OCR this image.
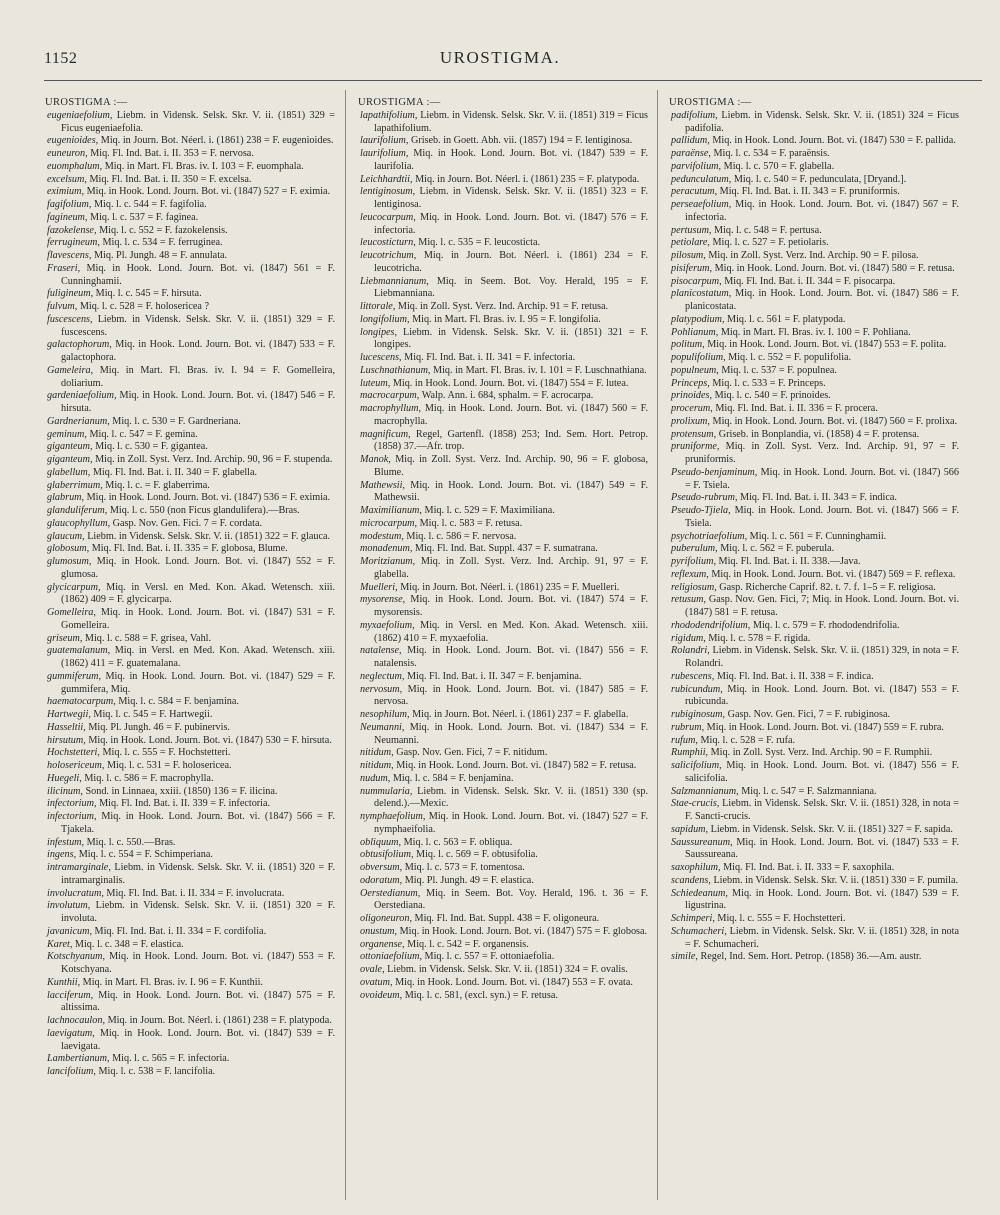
1152	UROSTIGMA.
UROSTIGMA :—
eugeniaefolium, Liebm. in Vidensk. Selsk. Skr. V. ii. (1851) 329 = Ficus eugeniaefolia.
eugenioides, Miq. in Journ. Bot. Néerl. i. (1861) 238 = F. eugenioides.
euneuron, Miq. Fl. Ind. Bat. i. II. 353 = F. nervosa.
euomphalum, Miq. in Mart. Fl. Bras. iv. I. 103 = F. euomphala.
excelsum, Miq. Fl. Ind. Bat. i. II. 350 = F. excelsa.
eximium, Miq. in Hook. Lond. Journ. Bot. vi. (1847) 527 = F. eximia.
fagifolium, Miq. l. c. 544 = F. fagifolia.
fagineum, Miq. l. c. 537 = F. faginea.
fazokelense, Miq. l. c. 552 = F. fazokelensis.
ferrugineum, Miq. l. c. 534 = F. ferruginea.
flavescens, Miq. Pl. Jungh. 48 = F. annulata.
Fraseri, Miq. in Hook. Lond. Journ. Bot. vi. (1847) 561 = F. Cunninghamii.
fuligineum, Miq. l. c. 545 = F. hirsuta.
fulvum, Miq. l. c. 528 = F. holosericea ?
fuscescens, Liebm. in Vidensk. Selsk. Skr. V. ii. (1851) 329 = F. fuscescens.
galactophorum, Miq. in Hook. Lond. Journ. Bot. vi. (1847) 533 = F. galactophora.
Gameleira, Miq. in Mart. Fl. Bras. iv. I. 94 = F. Gomelleira, doliarium.
gardeniaefolium, Miq. in Hook. Lond. Journ. Bot. vi. (1847) 546 = F. hirsuta.
Gardnerianum, Miq. l. c. 530 = F. Gardneriana.
geminum, Miq. l. c. 547 = F. gemina.
giganteum, Miq. l. c. 530 = F. gigantea.
giganteum, Miq. in Zoll. Syst. Verz. Ind. Archip. 90, 96 = F. stupenda.
glabellum, Miq. Fl. Ind. Bat. i. II. 340 = F. glabella.
glaberrimum, Miq. l. c. = F. glaberrima.
glabrum, Miq. in Hook. Lond. Journ. Bot. vi. (1847) 536 = F. eximia.
glanduliferum, Miq. l. c. 550 (non Ficus glandulifera).—Bras.
glaucophyllum, Gasp. Nov. Gen. Fici. 7 = F. cordata.
glaucum, Liebm. in Vidensk. Selsk. Skr. V. ii. (1851) 322 = F. glauca.
globosum, Miq. Fl. Ind. Bat. i. II. 335 = F. globosa, Blume.
glumosum, Miq. in Hook. Lond. Journ. Bot. vi. (1847) 552 = F. glumosa.
glycicarpum, Miq. in Versl. en Med. Kon. Akad. Wetensch. xiii. (1862) 409 = F. glycicarpa.
Gomelleira, Miq. in Hook. Lond. Journ. Bot. vi. (1847) 531 = F. Gomelleira.
griseum, Miq. l. c. 588 = F. grisea, Vahl.
guatemalanum, Miq. in Versl. en Med. Kon. Akad. Wetensch. xiii. (1862) 411 = F. guatemalana.
gummiferum, Miq. in Hook. Lond. Journ. Bot. vi. (1847) 529 = F. gummifera, Miq.
haematocarpum, Miq. l. c. 584 = F. benjamina.
Hartwegii, Miq. l. c. 545 = F. Hartwegii.
Hasseltii, Miq. Pl. Jungh. 46 = F. pubinervis.
hirsutum, Miq. in Hook. Lond. Journ. Bot. vi. (1847) 530 = F. hirsuta.
Hochstetteri, Miq. l. c. 555 = F. Hochstetteri.
holosericeum, Miq. l. c. 531 = F. holosericea.
Huegeli, Miq. l. c. 586 = F. macrophylla.
ilicinum, Sond. in Linnaea, xxiii. (1850) 136 = F. ilicina.
infectorium, Miq. Fl. Ind. Bat. i. II. 339 = F. infectoria.
infectorium, Miq. in Hook. Lond. Journ. Bot. vi. (1847) 566 = F. Tjakela.
infestum, Miq. l. c. 550.—Bras.
ingens, Miq. l. c. 554 = F. Schimperiana.
intramarginale, Liebm. in Vidensk. Selsk. Skr. V. ii. (1851) 320 = F. intramarginalis.
involucratum, Miq. Fl. Ind. Bat. i. II. 334 = F. involucrata.
involutum, Liebm. in Vidensk. Selsk. Skr. V. ii. (1851) 320 = F. involuta.
javanicum, Miq. Fl. Ind. Bat. i. II. 334 = F. cordifolia.
Karet, Miq. l. c. 348 = F. elastica.
Kotschyanum, Miq. in Hook. Lond. Journ. Bot. vi. (1847) 553 = F. Kotschyana.
Kunthii, Miq. in Mart. Fl. Bras. iv. I. 96 = F. Kunthii.
lacciferum, Miq. in Hook. Lond. Journ. Bot. vi. (1847) 575 = F. altissima.
lachnocaulon, Miq. in Journ. Bot. Néerl. i. (1861) 238 = F. platypoda.
laevigatum, Miq. in Hook. Lond. Journ. Bot. vi. (1847) 539 = F. laevigata.
Lambertianum, Miq. l. c. 565 = F. infectoria.
lancifolium, Miq. l. c. 538 = F. lancifolia.
UROSTIGMA :—
lapathifolium, Liebm. in Vidensk. Selsk. Skr. V. ii. (1851) 319 = Ficus lapathifolium.
laurifolium, Griseb. in Goett. Abh. vii. (1857) 194 = F. lentiginosa.
laurifolium, Miq. in Hook. Lond. Journ. Bot. vi. (1847) 539 = F. laurifolia.
Leichhardtii, Miq. in Journ. Bot. Néerl. i. (1861) 235 = F. platypoda.
lentiginosum, Liebm. in Vidensk. Selsk. Skr. V. ii. (1851) 323 = F. lentiginosa.
leucocarpum, Miq. in Hook. Lond. Journ. Bot. vi. (1847) 576 = F. infectoria.
leucosticturn, Miq. l. c. 535 = F. leucosticta.
leucotrichum, Miq. in Journ. Bot. Néerl. i. (1861) 234 = F. leucotricha.
Liebmannianum, Miq. in Seem. Bot. Voy. Herald, 195 = F. Liebmanniana.
littorale, Miq. in Zoll. Syst. Verz. Ind. Archip. 91 = F. retusa.
longifolium, Miq. in Mart. Fl. Bras. iv. I. 95 = F. longifolia.
longipes, Liebm. in Vidensk. Selsk. Skr. V. ii. (1851) 321 = F. longipes.
lucescens, Miq. Fl. Ind. Bat. i. II. 341 = F. infectoria.
Luschnathianum, Miq. in Mart. Fl. Bras. iv. I. 101 = F. Luschnathiana.
luteum, Miq. in Hook. Lond. Journ. Bot. vi. (1847) 554 = F. lutea.
macrocarpum, Walp. Ann. i. 684, sphalm. = F. acrocarpa.
macrophyllum, Miq. in Hook. Lond. Journ. Bot. vi. (1847) 560 = F. macrophylla.
magnificum, Regel, Gartenfl. (1858) 253; Ind. Sem. Hort. Petrop. (1858) 37.—Afr. trop.
Manok, Miq. in Zoll. Syst. Verz. Ind. Archip. 90, 96 = F. globosa, Blume.
Mathewsii, Miq. in Hook. Lond. Journ. Bot. vi. (1847) 549 = F. Mathewsii.
Maximilianum, Miq. l. c. 529 = F. Maximiliana.
microcarpum, Miq. l. c. 583 = F. retusa.
modestum, Miq. l. c. 586 = F. nervosa.
monadenum, Miq. Fl. Ind. Bat. Suppl. 437 = F. sumatrana.
Moritzianum, Miq. in Zoll. Syst. Verz. Ind. Archip. 91, 97 = F. glabella.
Muelleri, Miq. in Journ. Bot. Néerl. i. (1861) 235 = F. Muelleri.
mysorense, Miq. in Hook. Lond. Journ. Bot. vi. (1847) 574 = F. mysorensis.
myxaefolium, Miq. in Versl. en Med. Kon. Akad. Wetensch. xiii. (1862) 410 = F. myxaefolia.
natalense, Miq. in Hook. Lond. Journ. Bot. vi. (1847) 556 = F. natalensis.
neglectum, Miq. Fl. Ind. Bat. i. II. 347 = F. benjamina.
nervosum, Miq. in Hook. Lond. Journ. Bot. vi. (1847) 585 = F. nervosa.
nesophilum, Miq. in Journ. Bot. Néerl. i. (1861) 237 = F. glabella.
Neumanni, Miq. in Hook. Lond. Journ. Bot. vi. (1847) 534 = F. Neumanni.
nitidum, Gasp. Nov. Gen. Fici, 7 = F. nitidum.
nitidum, Miq. in Hook. Lond. Journ. Bot. vi. (1847) 582 = F. retusa.
nudum, Miq. l. c. 584 = F. benjamina.
nummularia, Liebm. in Vidensk. Selsk. Skr. V. ii. (1851) 330 (sp. delend.).—Mexic.
nymphaefolium, Miq. in Hook. Lond. Journ. Bot. vi. (1847) 527 = F. nymphaeifolia.
obliquum, Miq. l. c. 563 = F. obliqua.
obtusifolium, Miq. l. c. 569 = F. obtusifolia.
obversum, Miq. l. c. 573 = F. tomentosa.
odoratum, Miq. Pl. Jungh. 49 = F. elastica.
Oerstedianum, Miq. in Seem. Bot. Voy. Herald, 196. t. 36 = F. Oerstediana.
oligoneuron, Miq. Fl. Ind. Bat. Suppl. 438 = F. oligoneura.
onustum, Miq. in Hook. Lond. Journ. Bot. vi. (1847) 575 = F. globosa.
organense, Miq. l. c. 542 = F. organensis.
ottoniaefolium, Miq. l. c. 557 = F. ottoniaefolia.
ovale, Liebm. in Vidensk. Selsk. Skr. V. ii. (1851) 324 = F. ovalis.
ovatum, Miq. in Hook. Lond. Journ. Bot. vi. (1847) 553 = F. ovata.
ovoideum, Miq. l. c. 581, (excl. syn.) = F. retusa.
UROSTIGMA :—
padifolium, Liebm. in Vidensk. Selsk. Skr. V. ii. (1851) 324 = Ficus padifolia.
pallidum, Miq. in Hook. Lond. Journ. Bot. vi. (1847) 530 = F. pallida.
paraënse, Miq. l. c. 534 = F. paraënsis.
parvifolium, Miq. l. c. 570 = F. glabella.
pedunculatum, Miq. l. c. 540 = F. pedunculata, [Dryand.].
peracutum, Miq. Fl. Ind. Bat. i. II. 343 = F. pruniformis.
perseaefolium, Miq. in Hook. Lond. Journ. Bot. vi. (1847) 567 = F. infectoria.
pertusum, Miq. l. c. 548 = F. pertusa.
petiolare, Miq. l. c. 527 = F. petiolaris.
pilosum, Miq. in Zoll. Syst. Verz. Ind. Archip. 90 = F. pilosa.
pisiferum, Miq. in Hook. Lond. Journ. Bot. vi. (1847) 580 = F. retusa.
pisocarpum, Miq. Fl. Ind. Bat. i. II. 344 = F. pisocarpa.
planicostatum, Miq. in Hook. Lond. Journ. Bot. vi. (1847) 586 = F. planicostata.
platypodium, Miq. l. c. 561 = F. platypoda.
Pohlianum, Miq. in Mart. Fl. Bras. iv. I. 100 = F. Pohliana.
politum, Miq. in Hook. Lond. Journ. Bot. vi. (1847) 553 = F. polita.
populifolium, Miq. l. c. 552 = F. populifolia.
populneum, Miq. l. c. 537 = F. populnea.
Princeps, Miq. l. c. 533 = F. Princeps.
prinoides, Miq. l. c. 540 = F. prinoides.
procerum, Miq. Fl. Ind. Bat. i. II. 336 = F. procera.
prolixum, Miq. in Hook. Lond. Journ. Bot. vi. (1847) 560 = F. prolixa.
protensum, Griseb. in Bonplandia, vi. (1858) 4 = F. protensa.
pruniforme, Miq. in Zoll. Syst. Verz. Ind. Archip. 91, 97 = F. pruniformis.
Pseudo-benjaminum, Miq. in Hook. Lond. Journ. Bot. vi. (1847) 566 = F. Tsiela.
Pseudo-rubrum, Miq. Fl. Ind. Bat. i. II. 343 = F. indica.
Pseudo-Tjiela, Miq. in Hook. Lond. Journ. Bot. vi. (1847) 566 = F. Tsiela.
psychotriaefolium, Miq. l. c. 561 = F. Cunninghamii.
puberulum, Miq. l. c. 562 = F. puberula.
pyrifolium, Miq. Fl. Ind. Bat. i. II. 338.—Java.
reflexum, Miq. in Hook. Lond. Journ. Bot. vi. (1847) 569 = F. reflexa.
religiosum, Gasp. Richerche Caprif. 82. t. 7. f. 1–5 = F. religiosa.
retusum, Gasp. Nov. Gen. Fici, 7; Miq. in Hook. Lond. Journ. Bot. vi. (1847) 581 = F. retusa.
rhododendrifolium, Miq. l. c. 579 = F. rhododendrifolia.
rigidum, Miq. l. c. 578 = F. rigida.
Rolandri, Liebm. in Vidensk. Selsk. Skr. V. ii. (1851) 329, in nota = F. Rolandri.
rubescens, Miq. Fl. Ind. Bat. i. II. 338 = F. indica.
rubicundum, Miq. in Hook. Lond. Journ. Bot. vi. (1847) 553 = F. rubicunda.
rubiginosum, Gasp. Nov. Gen. Fici, 7 = F. rubiginosa.
rubrum, Miq. in Hook. Lond. Journ. Bot. vi. (1847) 559 = F. rubra.
rufum, Miq. l. c. 528 = F. rufa.
Rumphii, Miq. in Zoll. Syst. Verz. Ind. Archip. 90 = F. Rumphii.
salicifolium, Miq. in Hook. Lond. Journ. Bot. vi. (1847) 556 = F. salicifolia.
Salzmannianum, Miq. l. c. 547 = F. Salzmanniana.
Stae-crucis, Liebm. in Vidensk. Selsk. Skr. V. ii. (1851) 328, in nota = F. Sancti-crucis.
sapidum, Liebm. in Vidensk. Selsk. Skr. V. ii. (1851) 327 = F. sapida.
Saussureanum, Miq. in Hook. Lond. Journ. Bot. vi. (1847) 533 = F. Saussureana.
saxophilum, Miq. Fl. Ind. Bat. i. II. 333 = F. saxophila.
scandens, Liebm. in Vidensk. Selsk. Skr. V. ii. (1851) 330 = F. pumila.
Schiedeanum, Miq. in Hook. Lond. Journ. Bot. vi. (1847) 539 = F. ligustrina.
Schimperi, Miq. l. c. 555 = F. Hochstetteri.
Schumacheri, Liebm. in Vidensk. Selsk. Skr. V. ii. (1851) 328, in nota = F. Schumacheri.
simile, Regel, Ind. Sem. Hort. Petrop. (1858) 36.—Am. austr.
